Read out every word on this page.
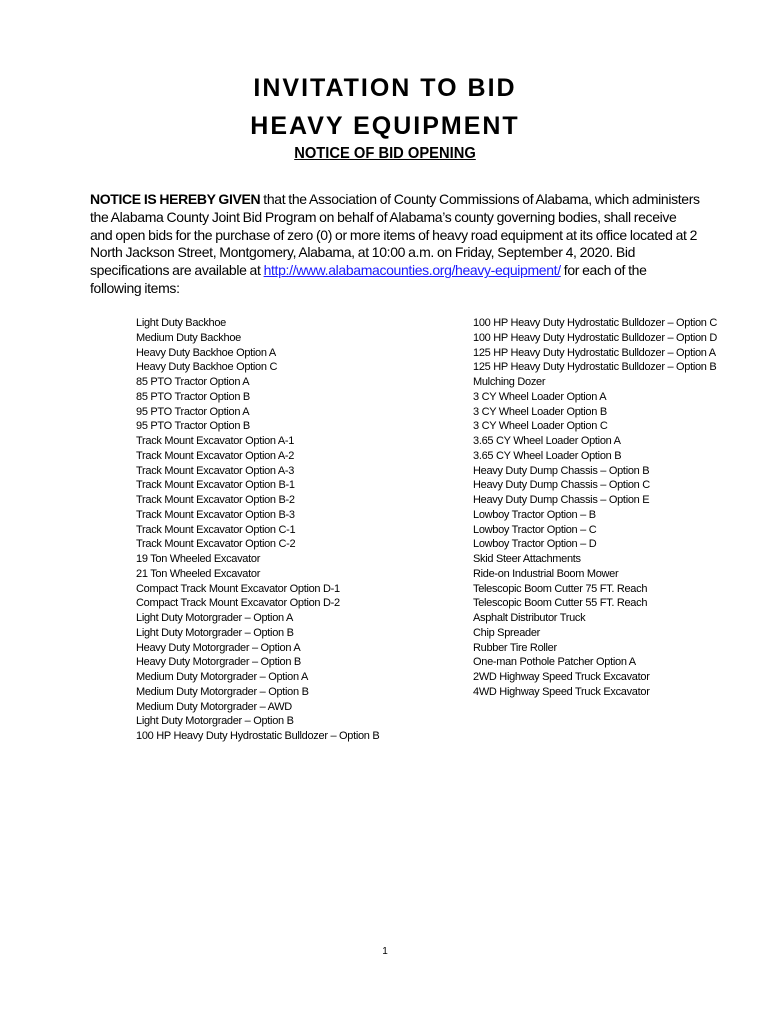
INVITATION TO BID
HEAVY EQUIPMENT
NOTICE OF BID OPENING

NOTICE IS HEREBY GIVEN that the Association of County Commissions of Alabama, which administers the Alabama County Joint Bid Program on behalf of Alabama’s county governing bodies, shall receive and open bids for the purchase of zero (0) or more items of heavy road equipment at its office located at 2 North Jackson Street, Montgomery, Alabama, at 10:00 a.m. on Friday, September 4, 2020. Bid specifications are available at http://www.alabamacounties.org/heavy-equipment/ for each of the following items:

Light Duty Backhoe
Medium Duty Backhoe
Heavy Duty Backhoe Option A
Heavy Duty Backhoe Option C
85 PTO Tractor Option A
85 PTO Tractor Option B
95 PTO Tractor Option A
95 PTO Tractor Option B
Track Mount Excavator Option A-1
Track Mount Excavator Option A-2
Track Mount Excavator Option A-3
Track Mount Excavator Option B-1
Track Mount Excavator Option B-2
Track Mount Excavator Option B-3
Track Mount Excavator Option C-1
Track Mount Excavator Option C-2
19 Ton Wheeled Excavator
21 Ton Wheeled Excavator
Compact Track Mount Excavator Option D-1
Compact Track Mount Excavator Option D-2
Light Duty Motorgrader – Option A
Light Duty Motorgrader – Option B
Heavy Duty Motorgrader – Option A
Heavy Duty Motorgrader – Option B
Medium Duty Motorgrader – Option A
Medium Duty Motorgrader – Option B
Medium Duty Motorgrader – AWD
Light Duty Motorgrader – Option B
100 HP Heavy Duty Hydrostatic Bulldozer – Option B
100 HP Heavy Duty Hydrostatic Bulldozer – Option C
100 HP Heavy Duty Hydrostatic Bulldozer – Option D
125 HP Heavy Duty Hydrostatic Bulldozer – Option A
125 HP Heavy Duty Hydrostatic Bulldozer – Option B
Mulching Dozer
3 CY Wheel Loader Option A
3 CY Wheel Loader Option B
3 CY Wheel Loader Option C
3.65 CY Wheel Loader Option A
3.65 CY Wheel Loader Option B
Heavy Duty Dump Chassis – Option B
Heavy Duty Dump Chassis – Option C
Heavy Duty Dump Chassis – Option E
Lowboy Tractor Option – B
Lowboy Tractor Option – C
Lowboy Tractor Option – D
Skid Steer Attachments
Ride-on Industrial Boom Mower
Telescopic Boom Cutter 75 FT. Reach
Telescopic Boom Cutter 55 FT. Reach
Asphalt Distributor Truck
Chip Spreader
Rubber Tire Roller
One-man Pothole Patcher Option A
2WD Highway Speed Truck Excavator
4WD Highway Speed Truck Excavator

1
